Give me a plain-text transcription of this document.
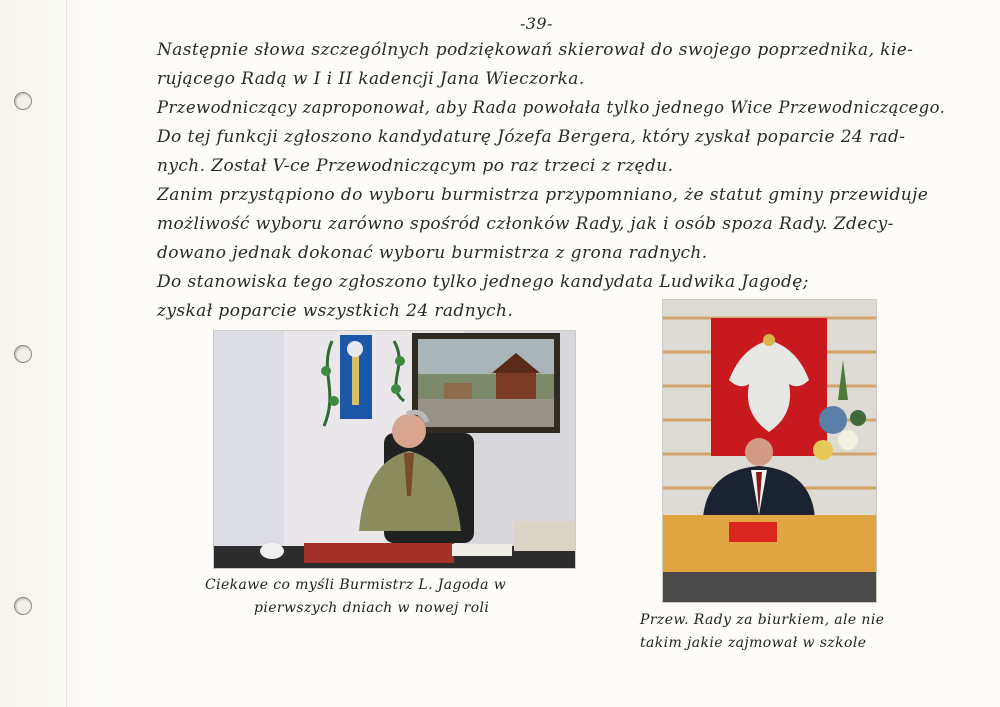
-39-
Następnie słowa szczególnych podziękowań skierował do swojego poprzednika, kie-
rującego Radą w I i II kadencji Jana Wieczorka.
Przewodniczący zaproponował, aby Rada powołała tylko jednego Wice Przewodniczącego.
Do tej funkcji zgłoszono kandydaturę Józefa Bergera, który zyskał poparcie 24 rad-
nych. Został V-ce Przewodniczącym po raz trzeci z rzędu.
Zanim przystąpiono do wyboru burmistrza przypomniano, że statut gminy przewiduje
możliwość wyboru zarówno spośród członków Rady, jak i osób spoza Rady. Zdecy-
dowano jednak dokonać wyboru burmistrza z grona radnych.
Do stanowiska tego zgłoszono tylko jednego kandydata Ludwika Jagodę;
zyskał poparcie wszystkich 24 radnych.
Ciekawe co myśli Burmistrz L. Jagoda w
pierwszych dniach w nowej roli
Przew. Rady za biurkiem, ale nie
takim jakie zajmował w szkole
